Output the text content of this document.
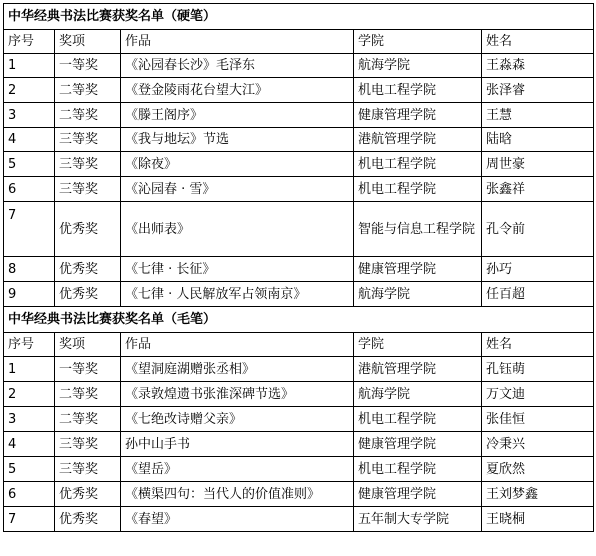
中华经典书法比赛获奖名单（硬笔）				
序号	奖项	作品	学院	姓名
1	一等奖	《沁园春长沙》毛泽东	航海学院	王淼森
2	二等奖	《登金陵雨花台望大江》	机电工程学院	张泽睿
3	二等奖	《滕王阁序》	健康管理学院	王慧
4	三等奖	《我与地坛》节选	港航管理学院	陆晗
5	三等奖	《除夜》	机电工程学院	周世豪
6	三等奖	《沁园春 · 雪》	机电工程学院	张鑫祥
7	优秀奖	《出师表》	智能与信息工程学院	孔令前
8	优秀奖	《七律 · 长征》	健康管理学院	孙巧
9	优秀奖	《七律 · 人民解放军占领南京》	航海学院	任百超
中华经典书法比赛获奖名单（毛笔）				
序号	奖项	作品	学院	姓名
1	一等奖	《望洞庭湖赠张丞相》	港航管理学院	孔钰萌
2	二等奖	《录敦煌遗书张淮深碑节选》	航海学院	万文迪
3	二等奖	《七绝改诗赠父亲》	机电工程学院	张佳恒
4	三等奖	孙中山手书	健康管理学院	冷秉兴
5	三等奖	《望岳》	机电工程学院	夏欣然
6	优秀奖	《横渠四句：当代人的价值准则》	健康管理学院	王刘梦鑫
7	优秀奖	《春望》	五年制大专学院	王晓桐
